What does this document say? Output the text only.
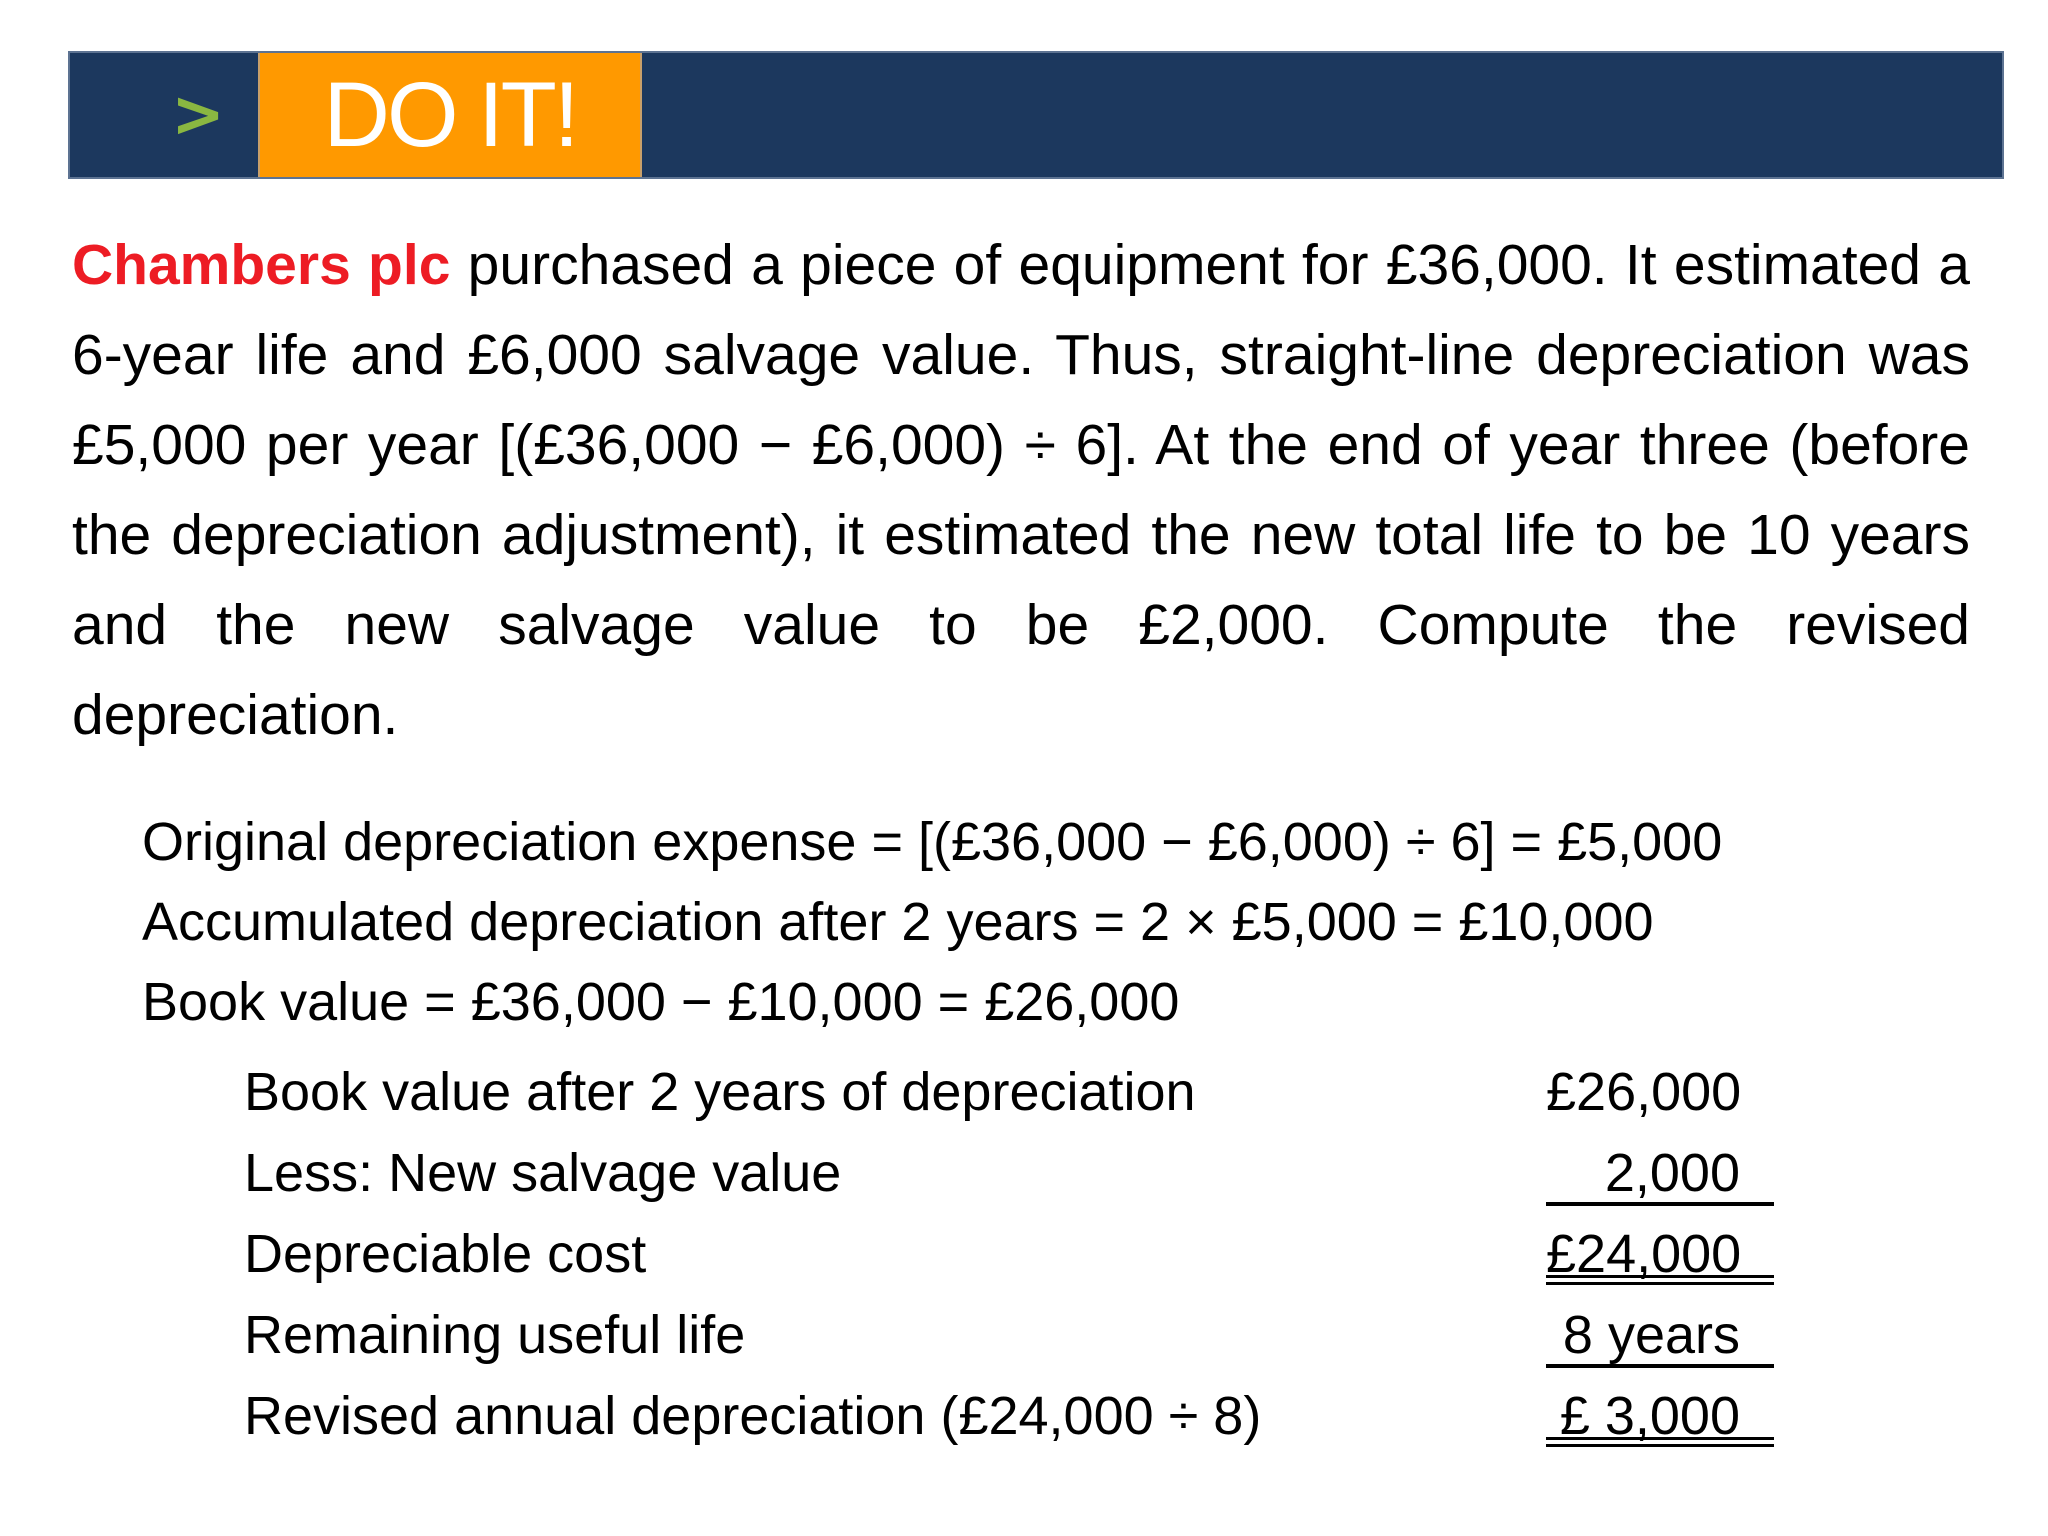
>	DO IT!
Chambers plc purchased a piece of equipment for £36,000. It estimated a 6-year life and £6,000 salvage value. Thus, straight-line depreciation was £5,000 per year [(£36,000 − £6,000) ÷ 6]. At the end of year three (before the depreciation adjustment), it estimated the new total life to be 10 years and the new salvage value to be £2,000. Compute the revised depreciation.
Original depreciation expense = [(£36,000 − £6,000) ÷ 6] = £5,000
Accumulated depreciation after 2 years = 2 × £5,000 = £10,000
Book value = £36,000 − £10,000 = £26,000
Book value after 2 years of depreciation	£26,000
Less: New salvage value	2,000
Depreciable cost	£24,000
Remaining useful life	8 years
Revised annual depreciation (£24,000 ÷ 8)	£ 3,000
